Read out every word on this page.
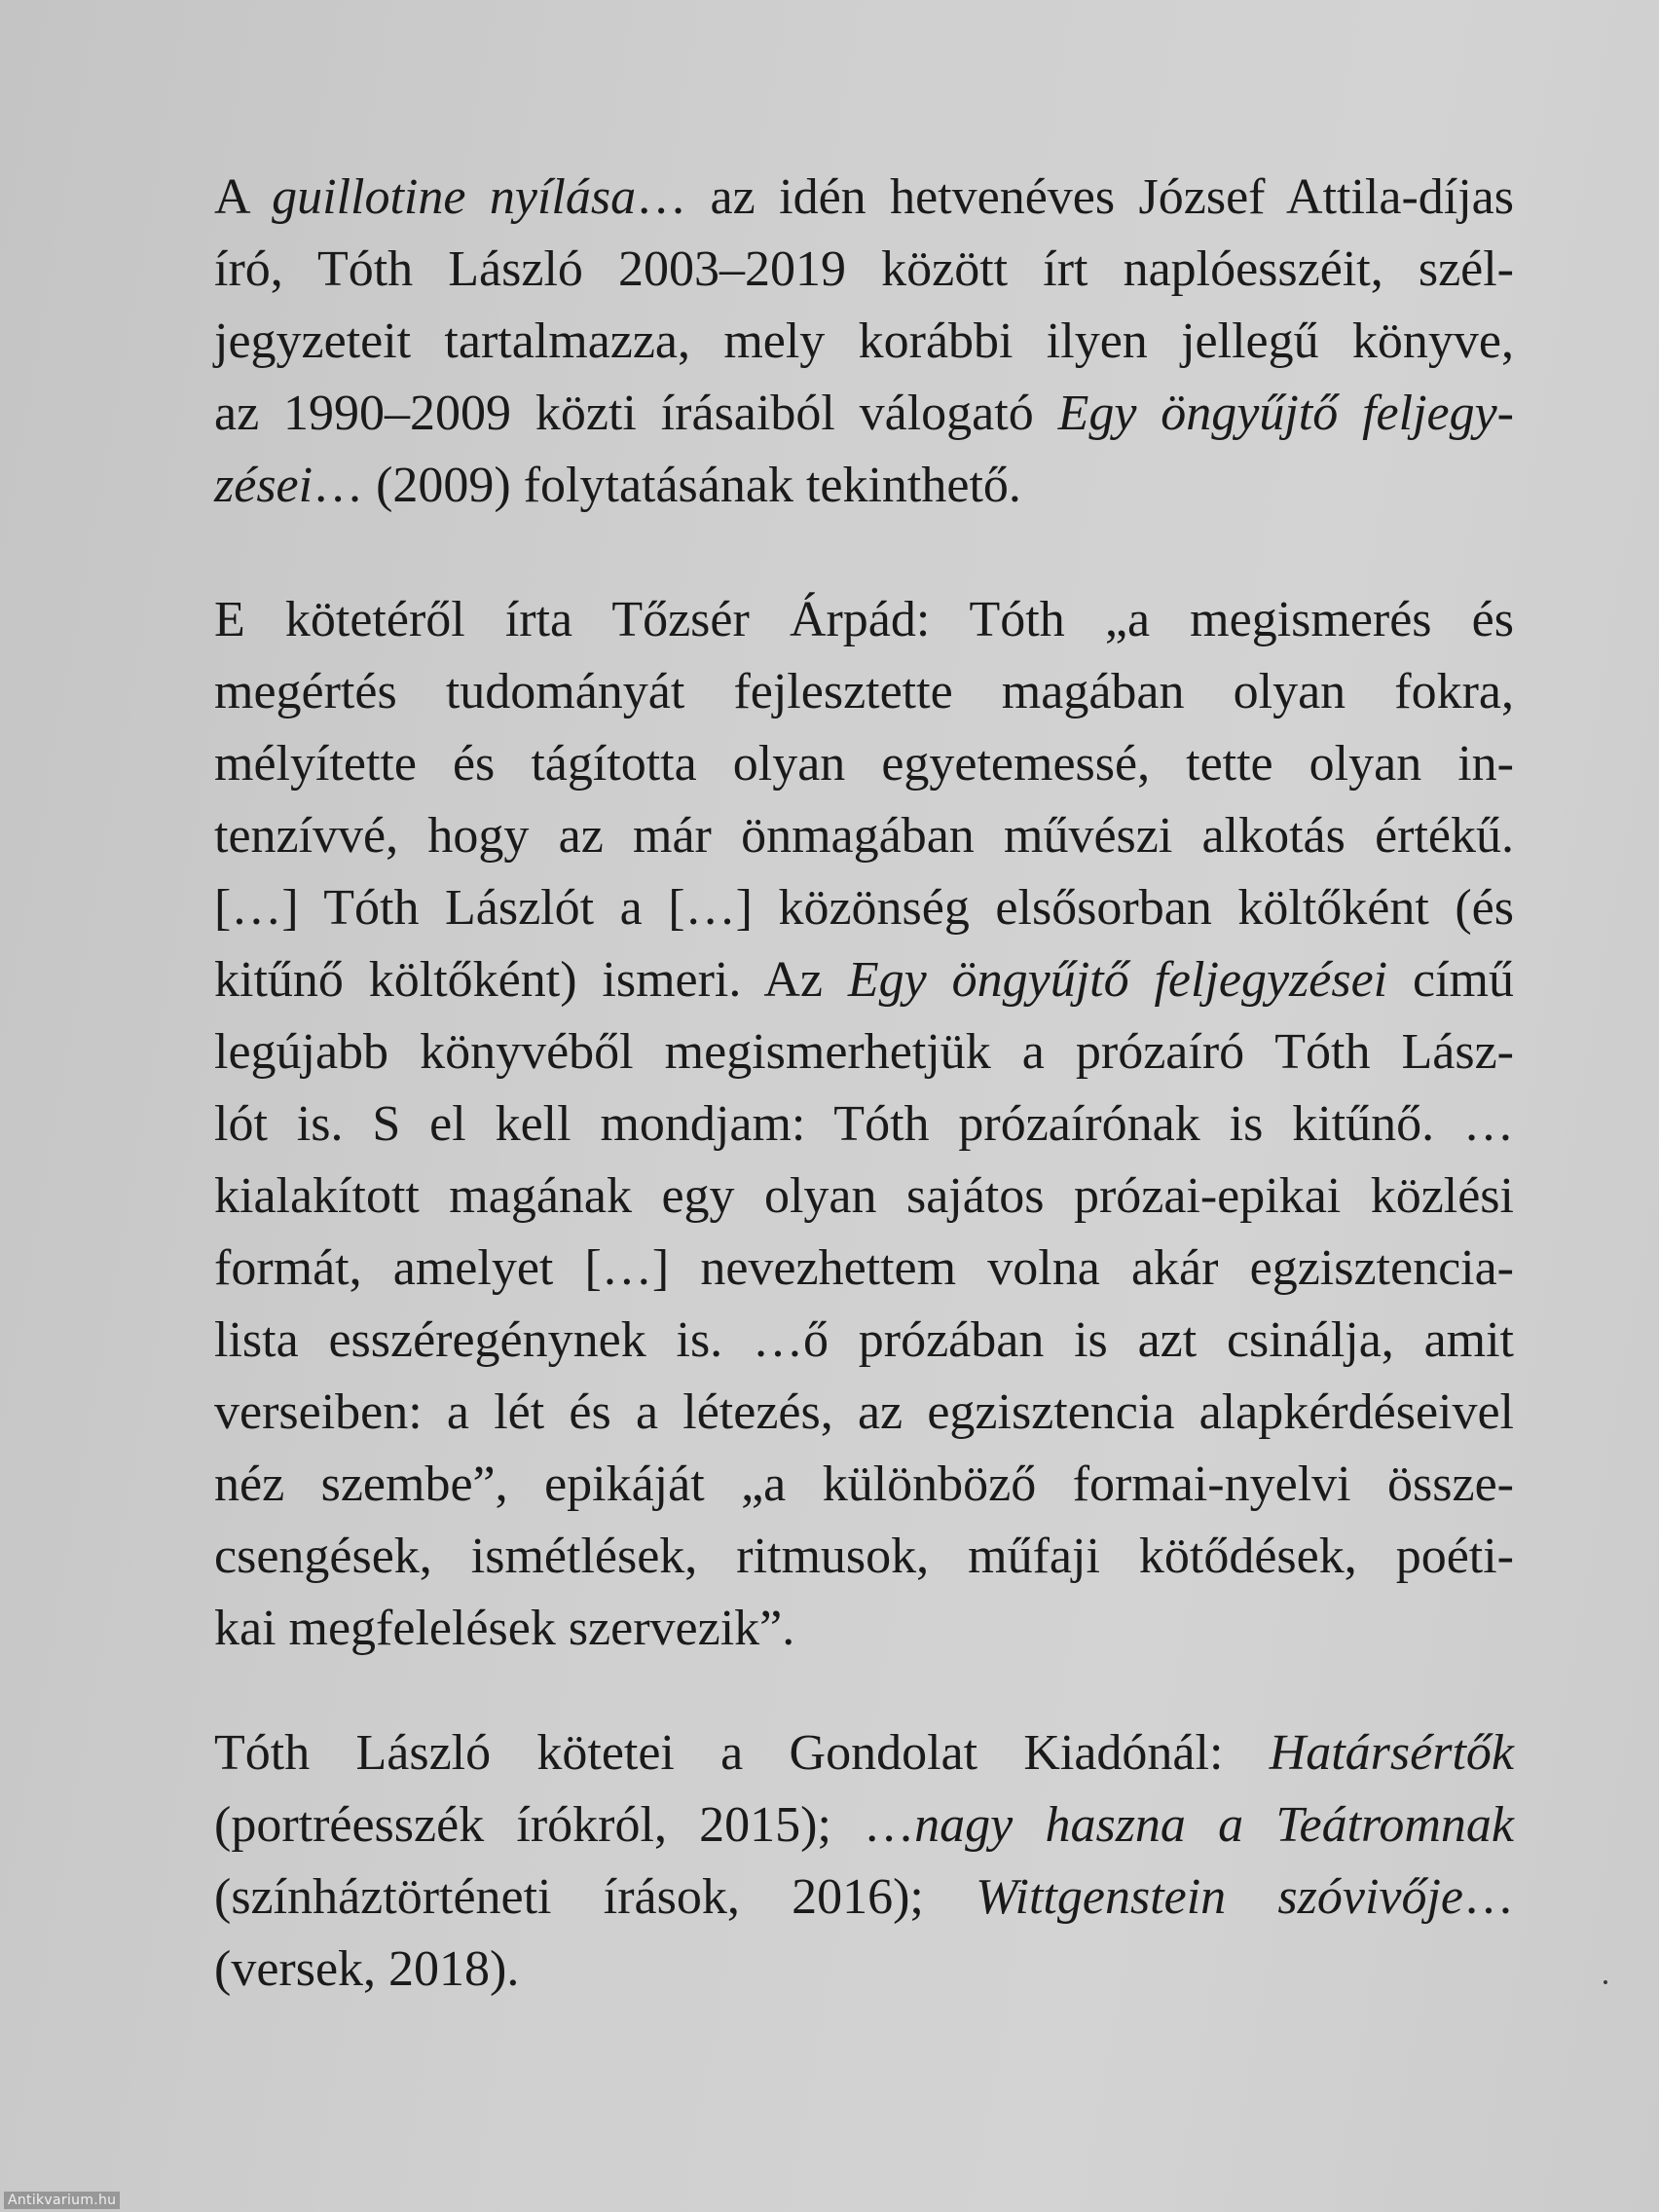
A guillotine nyílása… az idén hetvenéves József Attila-díjas
író, Tóth László 2003–2019 között írt naplóesszéit, szél-
jegyzeteit tartalmazza, mely korábbi ilyen jellegű könyve,
az 1990–2009 közti írásaiból válogató Egy öngyűjtő feljegy-
zései… (2009) folytatásának tekinthető.
E kötetéről írta Tőzsér Árpád: Tóth „a megismerés és
megértés tudományát fejlesztette magában olyan fokra,
mélyítette és tágította olyan egyetemessé, tette olyan in-
tenzívvé, hogy az már önmagában művészi alkotás értékű.
[…] Tóth Lászlót a […] közönség elsősorban költőként (és
kitűnő költőként) ismeri. Az Egy öngyűjtő feljegyzései című
legújabb könyvéből megismerhetjük a prózaíró Tóth Lász-
lót is. S el kell mondjam: Tóth prózaírónak is kitűnő. …
kialakított magának egy olyan sajátos prózai-epikai közlési
formát, amelyet […] nevezhettem volna akár egzisztencia-
lista esszéregénynek is. …ő prózában is azt csinálja, amit
verseiben: a lét és a létezés, az egzisztencia alapkérdéseivel
néz szembe”, epikáját „a különböző formai-nyelvi össze-
csengések, ismétlések, ritmusok, műfaji kötődések, poéti-
kai megfelelések szervezik”.
Tóth László kötetei a Gondolat Kiadónál: Határsértők
(portréesszék írókról, 2015); …nagy haszna a Teátromnak
(színháztörténeti írások, 2016); Wittgenstein szóvivője…
(versek, 2018).
Antikvarium.hu
